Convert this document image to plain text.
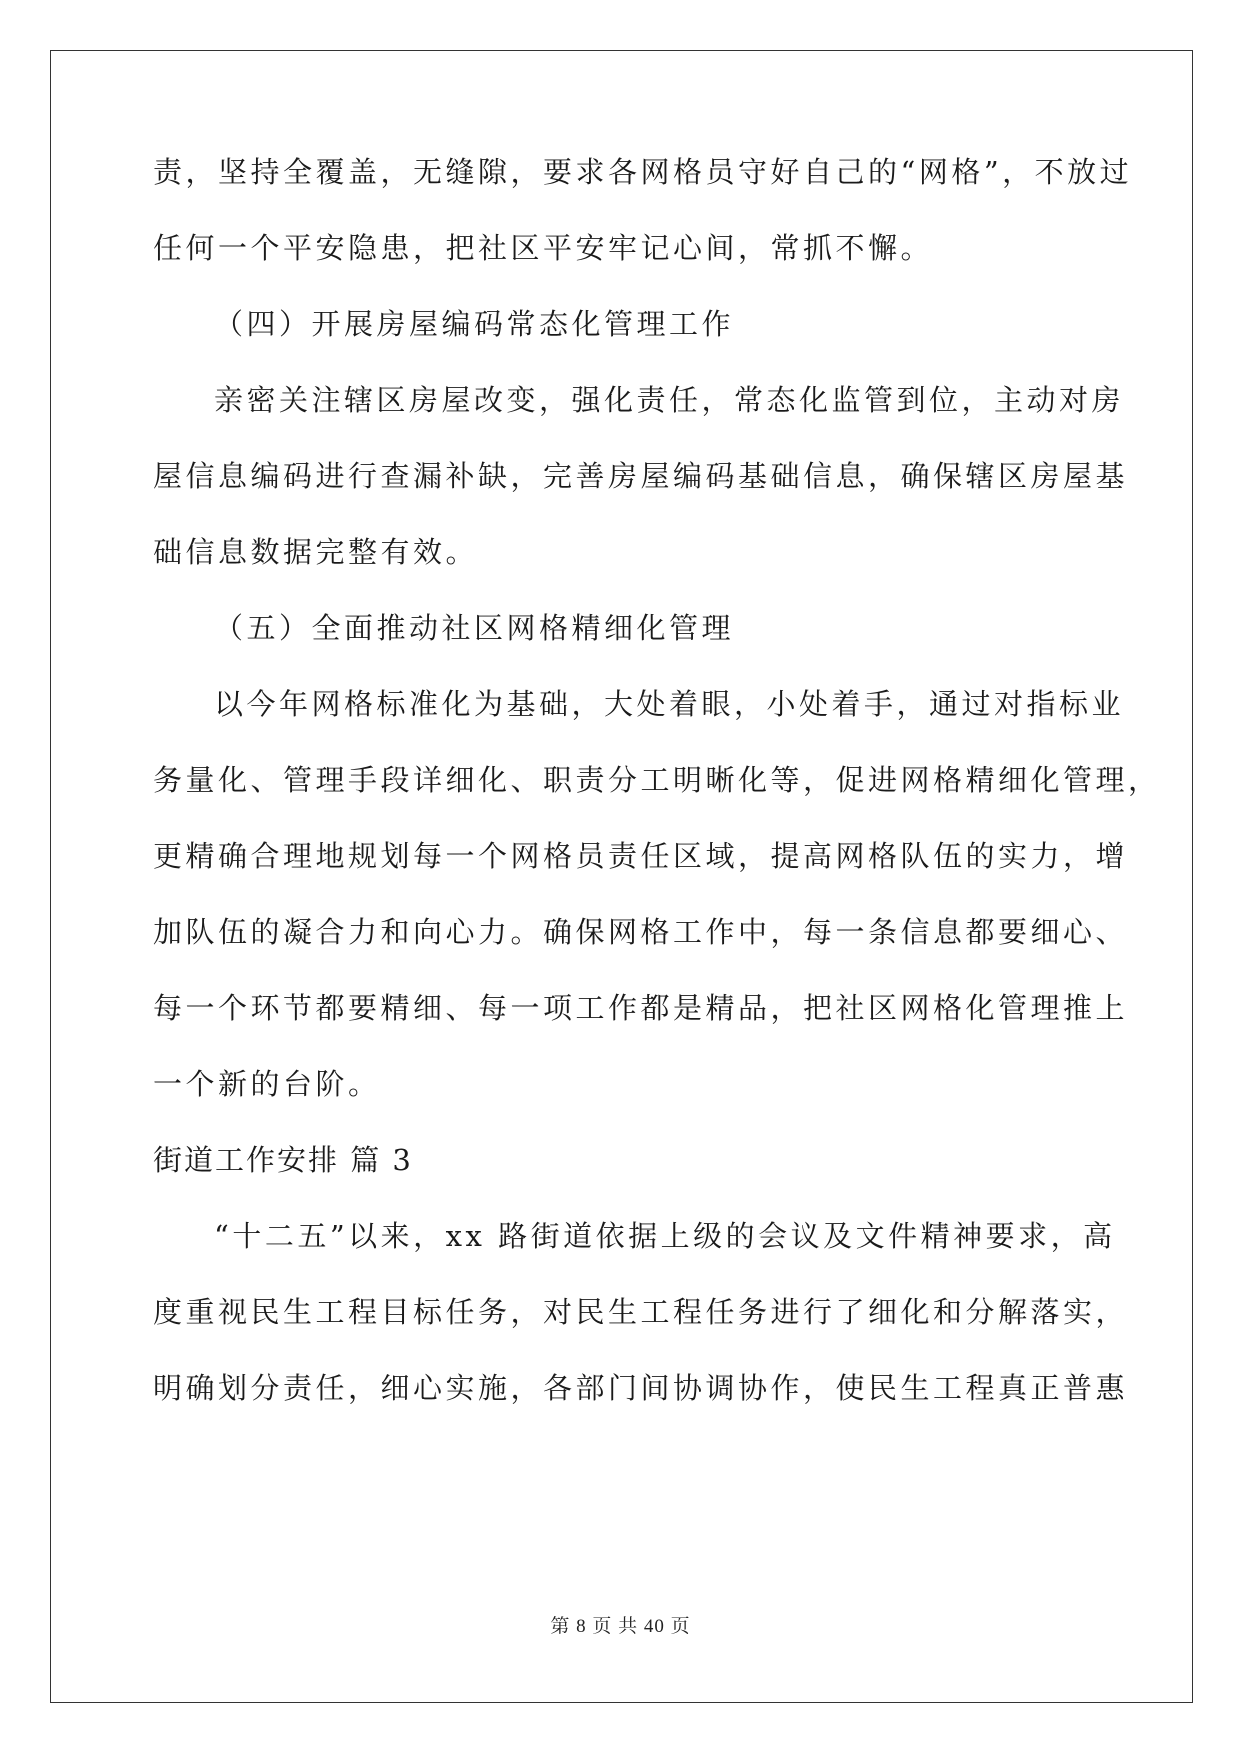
责，坚持全覆盖，无缝隙，要求各网格员守好自己的“网格”，不放过
任何一个平安隐患，把社区平安牢记心间，常抓不懈。
（四）开展房屋编码常态化管理工作
亲密关注辖区房屋改变，强化责任，常态化监管到位，主动对房
屋信息编码进行查漏补缺，完善房屋编码基础信息，确保辖区房屋基
础信息数据完整有效。
（五）全面推动社区网格精细化管理
以今年网格标准化为基础，大处着眼，小处着手，通过对指标业
务量化、管理手段详细化、职责分工明晰化等，促进网格精细化管理，
更精确合理地规划每一个网格员责任区域，提高网格队伍的实力，增
加队伍的凝合力和向心力。确保网格工作中，每一条信息都要细心、
每一个环节都要精细、每一项工作都是精品，把社区网格化管理推上
一个新的台阶。
街道工作安排 篇 3
“十二五”以来，xx 路街道依据上级的会议及文件精神要求，高
度重视民生工程目标任务，对民生工程任务进行了细化和分解落实，
明确划分责任，细心实施，各部门间协调协作，使民生工程真正普惠
第 8 页 共 40 页
